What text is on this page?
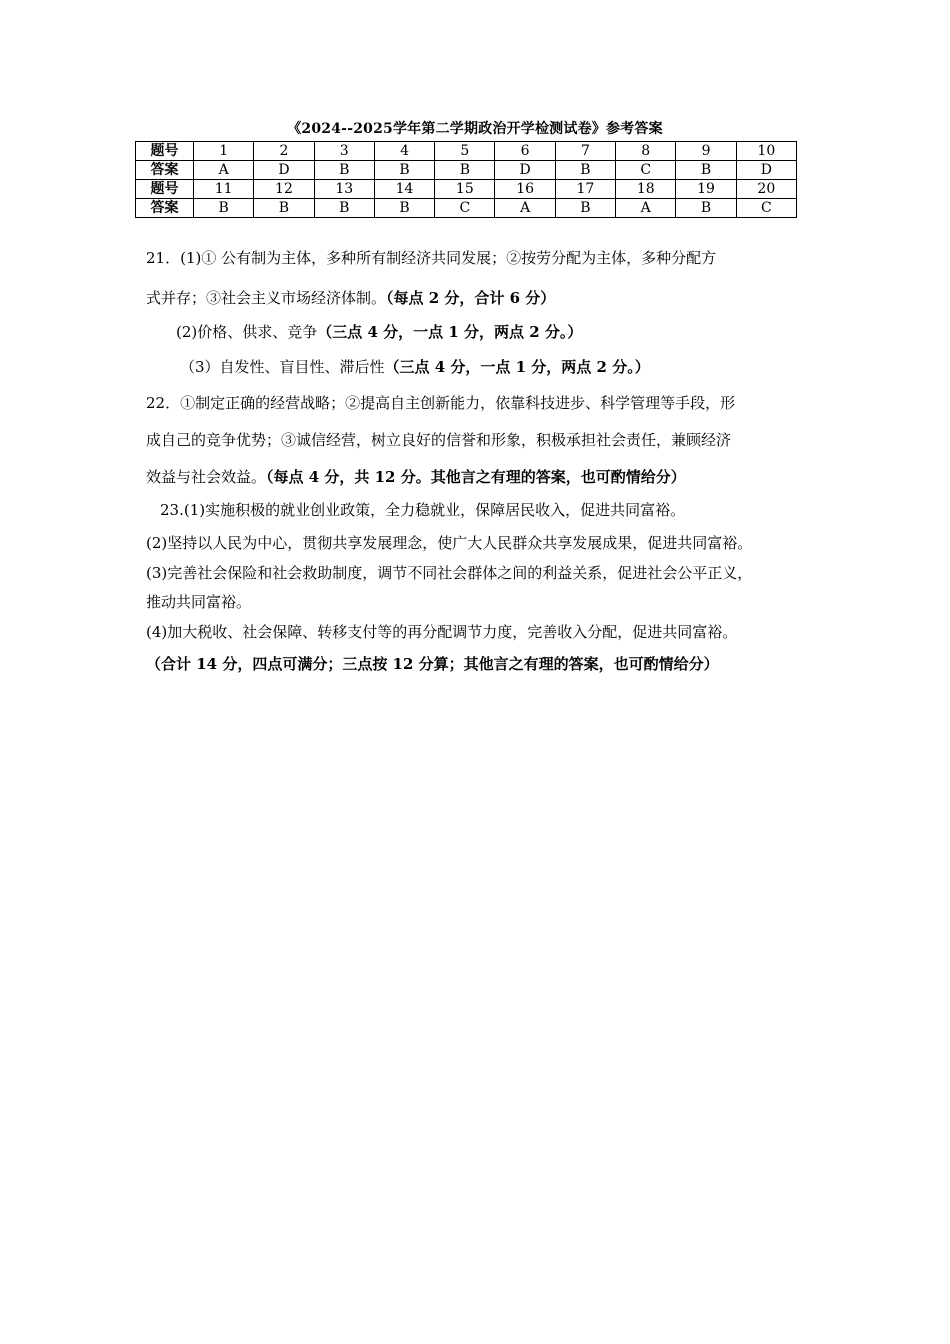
《2024--2025学年第二学期政治开学检测试卷》参考答案
题号	1	2	3	4	5	6	7	8	9	10
答案	A	D	B	B	B	D	B	C	B	D
题号	11	12	13	14	15	16	17	18	19	20
答案	B	B	B	B	C	A	B	A	B	C
21．(1)① 公有制为主体，多种所有制经济共同发展；②按劳分配为主体，多种分配方
式并存；③社会主义市场经济体制。（每点 2 分，合计 6 分）
(2)价格、供求、竞争（三点 4 分，一点 1 分，两点 2 分。）
（3）自发性、盲目性、滞后性（三点 4 分，一点 1 分，两点 2 分。）
22．①制定正确的经营战略；②提高自主创新能力，依靠科技进步、科学管理等手段，形
成自己的竞争优势；③诚信经营，树立良好的信誉和形象，积极承担社会责任，兼顾经济
效益与社会效益。（每点 4 分，共 12 分。其他言之有理的答案，也可酌情给分）
23.(1)实施积极的就业创业政策，全力稳就业，保障居民收入，促进共同富裕。
(2)坚持以人民为中心，贯彻共享发展理念，使广大人民群众共享发展成果，促进共同富裕。
(3)完善社会保险和社会救助制度，调节不同社会群体之间的利益关系，促进社会公平正义，
推动共同富裕。
(4)加大税收、社会保障、转移支付等的再分配调节力度，完善收入分配，促进共同富裕。
（合计 14 分，四点可满分；三点按 12 分算；其他言之有理的答案，也可酌情给分）
